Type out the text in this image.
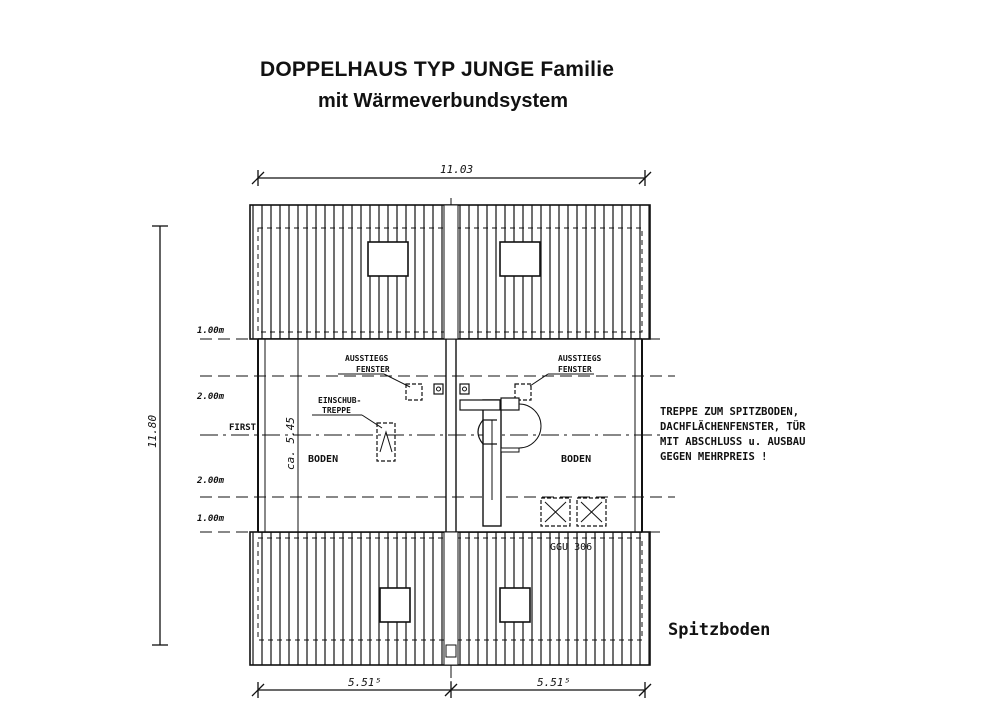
DOPPELHAUS TYP JUNGE Familie
mit Wärmeverbundsystem
11.03
11.80
1.00m
2.00m
FIRST
2.00m
1.00m
ca. 5.45 BODEN	BODEN
AUSSTIEGS
FENSTER
AUSSTIEGS
FENSTER
EINSCHUB-
TREPPE
GGU 306
5.51⁵	5.51⁵
TREPPE ZUM SPITZBODEN,
DACHFLÄCHENFENSTER, TÜR
MIT ABSCHLUSS u. AUSBAU
GEGEN MEHRPREIS !
Spitzboden
